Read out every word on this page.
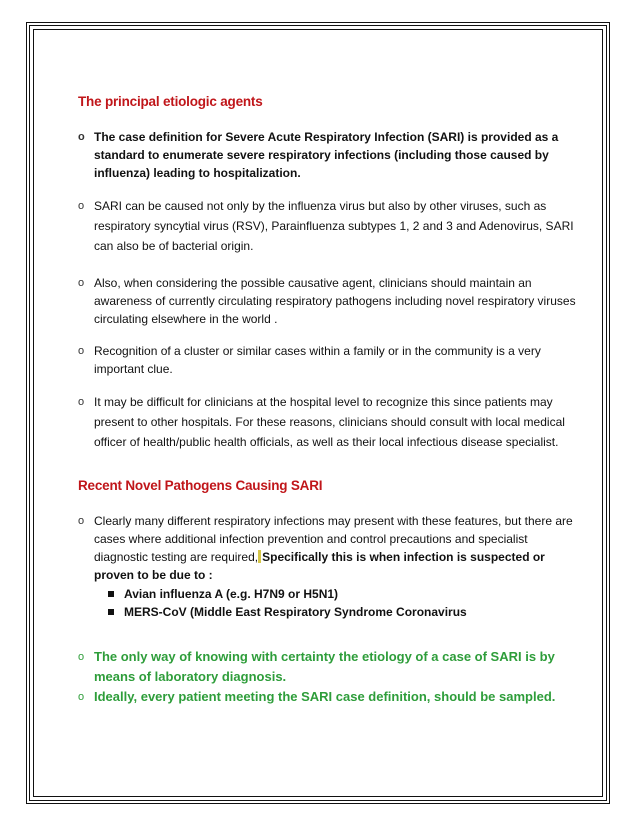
The principal etiologic agents
o The case definition for Severe Acute Respiratory Infection (SARI) is provided as a standard to enumerate severe respiratory infections (including those caused by influenza) leading to hospitalization.
o SARI can be caused not only by the influenza virus but also by other viruses, such as respiratory syncytial virus (RSV), Parainfluenza subtypes 1, 2 and 3 and Adenovirus, SARI can also be of bacterial origin.
o Also, when considering the possible causative agent, clinicians should maintain an awareness of currently circulating respiratory pathogens including novel respiratory viruses circulating elsewhere in the world .
o Recognition of a cluster or similar cases within a family or in the community is a very important clue.
o It may be difficult for clinicians at the hospital level to recognize this since patients may present to other hospitals. For these reasons, clinicians should consult with local medical officer of health/public health officials, as well as their local infectious disease specialist.
Recent Novel Pathogens Causing SARI
o Clearly many different respiratory infections may present with these features, but there are cases where additional infection prevention and control precautions and specialist diagnostic testing are required, Specifically this is when infection is suspected or proven to be due to :
Avian influenza A (e.g. H7N9 or H5N1)
MERS-CoV (Middle East Respiratory Syndrome Coronavirus
o The only way of knowing with certainty the etiology of a case of SARI is by means of laboratory diagnosis.
o Ideally, every patient meeting the SARI case definition, should be sampled.
